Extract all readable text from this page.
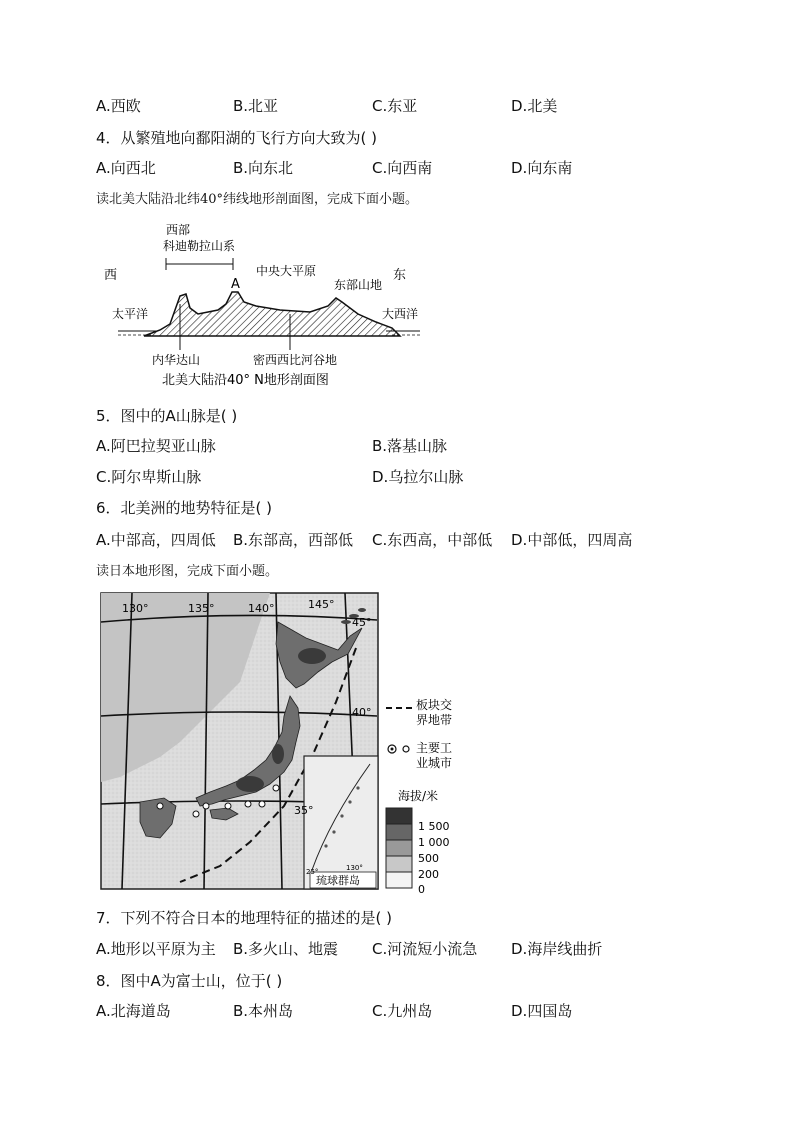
A.西欧	B.北亚	C.东亚	D.北美
4．从繁殖地向鄱阳湖的飞行方向大致为( )
A.向西北	B.向东北	C.向西南	D.向东南
读北美大陆沿北纬40°纬线地形剖面图，完成下面小题。
西部
科迪勒拉山系
西	东
中央大平原
A	东部山地
太平洋	大西洋
内华达山	密西西比河谷地
北美大陆沿40° N地形剖面图
5．图中的A山脉是( )
A.阿巴拉契亚山脉	B.落基山脉
C.阿尔卑斯山脉	D.乌拉尔山脉
6．北美洲的地势特征是( )
A.中部高，四周低 B.东部高，西部低 C.东西高，中部低 D.中部低，四周高
读日本地形图，完成下面小题。
琉球群岛
130°
25°
130°	135°	140°	145°
45°
40°
35°
板块交
界地带
主要工
业城市
海拔/米
1 500
1 000
500
200
0
7．下列不符合日本的地理特征的描述的是( )
A.地形以平原为主 B.多火山、地震 C.河流短小流急 D.海岸线曲折
8．图中A为富士山，位于( )
A.北海道岛	B.本州岛	C.九州岛	D.四国岛
